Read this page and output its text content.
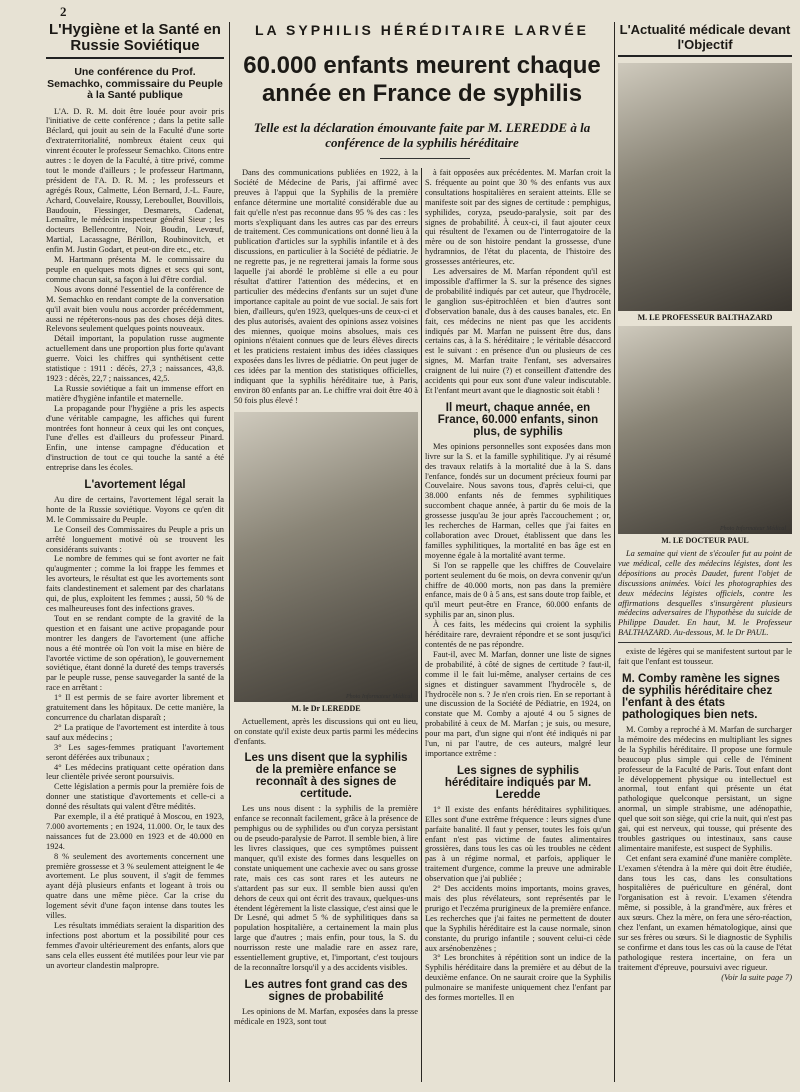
2
L'Hygiène et la Santé en Russie Soviétique
Une conférence du Prof. Semachko, commissaire du Peuple à la Santé publique

L'A. D. R. M. doit être louée pour avoir pris l'initiative de cette conférence ; dans la petite salle Béclard, qui jouit au sein de la Faculté d'une sorte d'extraterritorialité, nombreux étaient ceux qui vinrent écouter le professeur Semachko. Citons entre autres : le doyen de la Faculté, à titre privé, comme tout le monde d'ailleurs ; le professeur Hartmann, président de l'A. D. R. M. ; les professeurs et agrégés Roux, Calmette, Léon Bernard, J.-L. Faure, Achard, Couvelaire, Roussy, Lereboullet, Bouvillois, Baudouin, Fiessinger, Desmarets, Cadenat, Lemaître, le médecin inspecteur général Sieur ; les docteurs Bellencontre, Noir, Boudin, Levœuf, Martial, Lacassagne, Bérillon, Roubinovitch, et enfin M. Justin Godart, et peut-on dire etc., etc.

M. Hartmann présenta M. le commissaire du peuple en quelques mots dignes et secs qui sont, comme chacun sait, sa façon à lui d'être cordial.

Nous avons donné l'essentiel de la conférence de M. Semachko en rendant compte de la conversation qu'il avait bien voulu nous accorder précédemment, aussi ne répéterons-nous pas des choses déjà dites. Relevons seulement quelques points nouveaux.

Détail important, la population russe augmente actuellement dans une proportion plus forte qu'avant guerre. Voici les chiffres qui synthétisent cette statistique : 1911 : décès, 27,3 ; naissances, 43,8. 1923 : décès, 22,7 ; naissances, 42,5.

La Russie soviétique a fait un immense effort en matière d'hygiène infantile et maternelle.

La propagande pour l'hygiène a pris les aspects d'une véritable campagne, les affiches qui furent montrées font honneur à ceux qui les ont conçues, l'une d'elles est d'ailleurs du professeur Pinard. Enfin, une intense campagne d'éducation et d'instruction de tout ce qui touche la santé a été entreprise dans les écoles.

L'avortement légal

Au dire de certains, l'avortement légal serait la honte de la Russie soviétique. Voyons ce qu'en dit M. le Commissaire du Peuple.

Le Conseil des Commissaires du Peuple a pris un arrêté longuement motivé où se trouvent les considérants suivants :

Le nombre de femmes qui se font avorter ne fait qu'augmenter ; comme la loi frappe les femmes et les avorteurs, le résultat est que les avortements sont faits clandestinement et salement par des charlatans qui, de plus, exploitent les femmes ; aussi, 50 % de ces malheureuses font des infections graves.

Tout en se rendant compte de la gravité de la question et en faisant une active propagande pour montrer les dangers de l'avortement (une affiche nous a été montrée où l'on voit la mise en bière de l'avortée victime de son opération), le gouvernement soviétique, étant donné la dureté des temps traversés par le peuple russe, pense sauvegarder la santé de la race en arrêtant :

1° Il est permis de se faire avorter librement et gratuitement dans les hôpitaux. De cette manière, la concurrence du charlatan disparaît ;

2° La pratique de l'avortement est interdite à tous sauf aux médecins ;

3° Les sages-femmes pratiquant l'avortement seront déférées aux tribunaux ;

4° Les médecins pratiquant cette opération dans leur clientèle privée seront poursuivis.

Cette législation a permis pour la première fois de donner une statistique d'avortements et celle-ci a donné des résultats qui valent d'être médités.

Par exemple, il a été pratiqué à Moscou, en 1923, 7.000 avortements ; en 1924, 11.000. Or, le taux des naissances fut de 23.000 en 1923 et de 40.000 en 1924.

8 % seulement des avortements concernent une première grossesse et 3 % seulement atteignent le 4e avortement. Le plus souvent, il s'agit de femmes ayant déjà plusieurs enfants et logeant à trois ou quatre dans une même pièce. Car la crise du logement sévit d'une façon intense dans toutes les villes.

Les résultats immédiats seraient la disparition des infections post abortum et la possibilité pour ces femmes d'avoir ultérieurement des enfants, alors que sans cela elles eussent été mutilées pour leur vie par un avorteur clandestin malpropre.

LA SYPHILIS HÉRÉDITAIRE LARVÉE
60.000 enfants meurent chaque année en France de syphilis
Telle est la déclaration émouvante faite par M. LEREDDE à la conférence de la syphilis héréditaire

Dans des communications publiées en 1922, à la Société de Médecine de Paris, j'ai affirmé avec preuves à l'appui que la Syphilis de la première enfance détermine une mortalité considérable due au fait qu'elle n'est pas reconnue dans 95 % des cas : les morts s'expliquant dans les autres cas par des erreurs de traitement. Ces communications ont donné lieu à la publication d'articles sur la syphilis infantile et à des discussions, en particulier à la Société de pédiatrie. Je ne regrette pas, je ne regretterai jamais la forme sous laquelle j'ai abordé le problème si elle a eu pour résultat d'attirer l'attention des médecins, et en particulier des médecins d'enfants sur un sujet d'une importance capitale au point de vue social. Je sais fort bien, d'ailleurs, qu'en 1923, quelques-uns de ceux-ci et des plus autorisés, avaient des opinions assez voisines des miennes, quoique moins absolues, mais ces opinions n'étaient connues que de leurs élèves directs et les praticiens restaient imbus des idées classiques exposées dans les livres de pédiatrie. On peut juger de ces idées par la mention des statistiques officielles, indiquant que la syphilis héréditaire tue, à Paris, environ 80 enfants par an. Le chiffre vrai doit être 40 à 50 fois plus élevé !

Photo Informateur Médical
M. le Dr LEREDDE

Actuellement, après les discussions qui ont eu lieu, on constate qu'il existe deux partis parmi les médecins d'enfants.

Les uns disent que la syphilis de la première enfance se reconnaît à des signes de certitude.

Les uns nous disent : la syphilis de la première enfance se reconnaît facilement, grâce à la présence de pemphigus ou de syphilides ou d'un coryza persistant ou de pseudo-paralysie de Parrot. Il semble bien, à lire les livres classiques, que ces symptômes puissent manquer, qu'il existe des formes dans lesquelles on constate uniquement une cachexie avec ou sans grosse rate, mais ces cas sont rares et les auteurs ne s'attardent pas sur eux. Il semble bien aussi qu'en dehors de ceux qui ont écrit des travaux, quelques-uns étendent légèrement la liste classique, c'est ainsi que le Dr Lesné, qui admet 5 % de syphilitiques dans sa population hospitalière, a certainement la main plus large que d'autres ; mais enfin, pour tous, la S. du nourrisson reste une maladie rare en assez rare, essentiellement gruptive, et, l'important, c'est toujours de la reconnaître lorsqu'il y a des accidents visibles.

Les autres font grand cas des signes de probabilité

Les opinions de M. Marfan, exposées dans la presse médicale en 1923, sont tout

à fait opposées aux précédentes. M. Marfan croit la S. fréquente au point que 30 % des enfants vus aux consultations hospitalières en seraient atteints. Elle se manifeste soit par des signes de certitude : pemphigus, syphilides, coryza, pseudo-paralysie, soit par des signes de probabilité. À ceux-ci, il faut ajouter ceux qui résultent de l'examen ou de l'interrogatoire de la mère ou de son histoire pendant la grossesse, d'une hydramnios, de l'état du placenta, de l'histoire des grossesses antérieures, etc.

Les adversaires de M. Marfan répondent qu'il est impossible d'affirmer la S. sur la présence des signes de probabilité indiqués par cet auteur, que l'hydrocèle, le ganglion sus-épitrochléen et bien d'autres sont d'observation banale, dus à des causes banales, etc. En fait, ces médecins ne nient pas que les accidents indiqués par M. Marfan ne puissent être dus, dans certains cas, à la S. héréditaire ; le véritable désaccord est le suivant : en présence d'un ou plusieurs de ces signes, M. Marfan traite l'enfant, ses adversaires craignent de lui nuire (?) et conseillent d'attendre des accidents qui pour eux sont d'une valeur indiscutable. Et l'enfant meurt avant que le diagnostic soit établi !

Il meurt, chaque année, en France, 60.000 enfants, sinon plus, de syphilis

Mes opinions personnelles sont exposées dans mon livre sur la S. et la famille syphilitique. J'y ai résumé des travaux relatifs à la mortalité due à la S. dans l'enfance, fondés sur un document précieux fourni par Couvelaire. Nous savons tous, d'après celui-ci, que 38.000 enfants nés de femmes syphilitiques succombent chaque année, à partir du 6e mois de la grossesse jusqu'au 3e jour après l'accouchement ; or, les recherches de Harman, celles que j'ai faites en collaboration avec Drouet, établissent que dans les familles syphilitiques, la mortalité en bas âge est en moyenne égale à la mortalité avant terme.

Si l'on se rappelle que les chiffres de Couvelaire portent seulement du 6e mois, on devra convenir qu'un chiffre de 40.000 morts, non pas dans la première enfance, mais de 0 à 5 ans, est sans doute trop faible, et qu'il meurt peut-être en France, 60.000 enfants de syphilis par an, sinon plus.

À ces faits, les médecins qui croient la syphilis héréditaire rare, devraient répondre et se sont jusqu'ici contentés de ne pas répondre.

Faut-il, avec M. Marfan, donner une liste de signes de probabilité, à côté de signes de certitude ? faut-il, comme il le fait lui-même, analyser certains de ces signes et distinguer savamment l'hydrocèle s, de l'hydrocèle non s. ? Je n'en crois rien. En se reportant à une discussion de la Société de Pédiatrie, en 1924, on constate que M. Comby a ajouté 4 ou 5 signes de probabilité à ceux de M. Marfan ; je suis, ou mesure, pour ma part, d'un signe qui n'ont été indiqués ni par l'un, ni par l'autre, de ces auteurs, malgré leur importance extrême :

Les signes de syphilis héréditaire indiqués par M. Leredde

1° Il existe des enfants héréditaires syphilitiques. Elles sont d'une extrême fréquence : leurs signes d'une parfaite banalité. Il faut y penser, toutes les fois qu'un enfant n'est pas victime de fautes alimentaires grossières, dans tous les cas où les troubles ne cèdent pas à un régime normal, et parfois, appliquer le traitement d'urgence, comme la preuve une admirable observation que j'ai publiée ;

2° Des accidents moins importants, moins graves, mais des plus révélateurs, sont représentés par le prurigo et l'eczéma prurigineux de la première enfance. Les recherches que j'ai faites ne permettent de douter que la Syphilis héréditaire est la cause normale, sinon constante, du prurigo infantile ; souvent celui-ci cède aux arsénobenzènes ;

3° Les bronchites à répétition sont un indice de la Syphilis héréditaire dans la première et au début de la deuxième enfance. On ne saurait croire que la Syphilis pulmonaire se manifeste uniquement chez l'enfant par des formes mortelles. Il en

L'Actualité médicale devant l'Objectif
M. LE PROFESSEUR BALTHAZARD
Photo Informateur Médical
M. LE DOCTEUR PAUL

La semaine qui vient de s'écouler fut au point de vue médical, celle des médecins légistes, dont les dépositions au procès Daudet, furent l'objet de discussions animées. Voici les photographies des deux médecins légistes officiels, contre les affirmations desquelles s'insurgèrent plusieurs médecins adversaires de l'hypothèse du suicide de Philippe Daudet. En haut, M. le Professeur BALTHAZARD. Au-dessous, M. le Dr PAUL.

existe de légères qui se manifestent surtout par le fait que l'enfant est tousseur.

M. Comby ramène les signes de syphilis héréditaire chez l'enfant à des états pathologiques bien nets.

M. Comby a reproché à M. Marfan de surcharger la mémoire des médecins en multipliant les signes de la Syphilis héréditaire. Il propose une formule beaucoup plus simple qui celle de l'éminent professeur de la Faculté de Paris. Tout enfant dont le développement physique ou intellectuel est anormal, tout enfant qui présente un état pathologique quelconque persistant, un signe anormal, un simple strabisme, une adénopathie, quel que soit son siège, qui crie la nuit, qui n'est pas gai, qui est nerveux, qui tousse, qui présente des troubles gastriques ou intestinaux, sans cause alimentaire manifeste, est suspect de Syphilis.

Cet enfant sera examiné d'une manière complète. L'examen s'étendra à la mère qui doit être étudiée, dans tous les cas, dans les consultations hospitalières de puériculture en général, dont l'organisation est à revoir. L'examen s'étendra même, si possible, à la grand'mère, aux frères et aux sœurs. Chez la mère, on fera une séro-réaction, chez l'enfant, un examen hématologique, ainsi que sur ses frères ou sœurs. Si le diagnostic de Syphilis se confirme et dans tous les cas où la cause de l'état pathologique restera incertaine, on fera un traitement d'épreuve, poursuivi avec rigueur.

(Voir la suite page 7)
